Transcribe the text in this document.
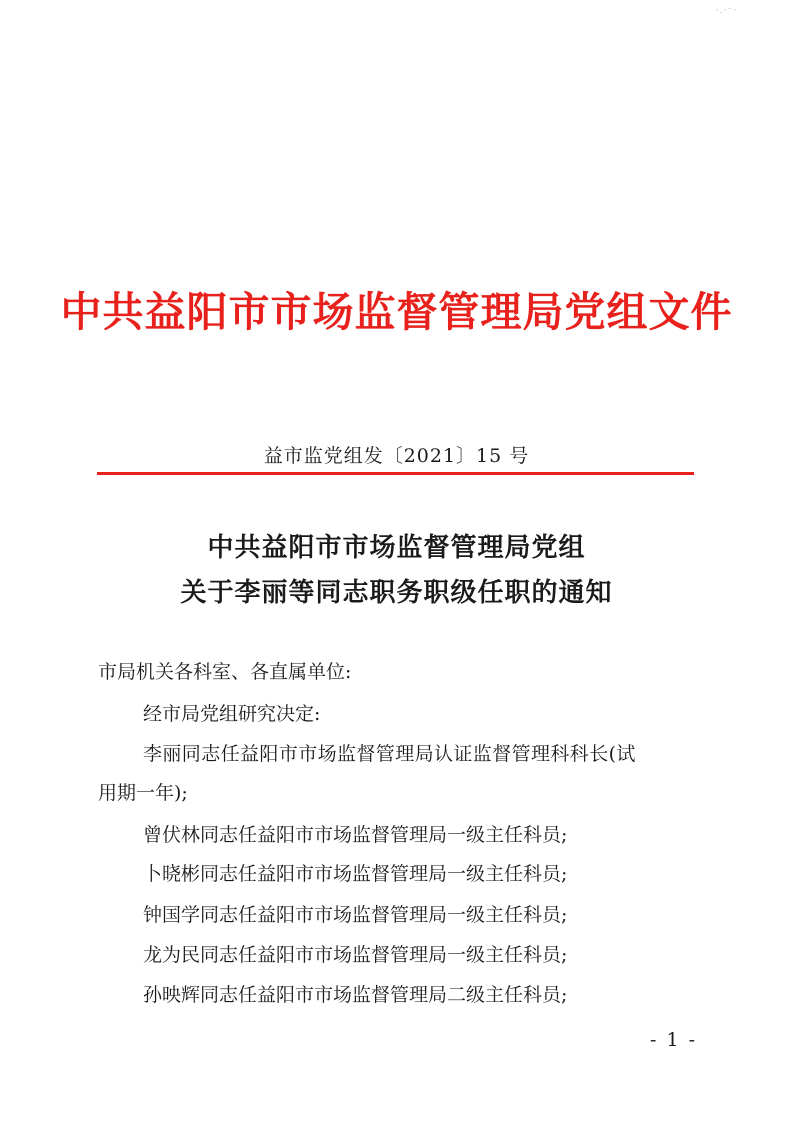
·.·⁻·
中共益阳市市场监督管理局党组文件
益市监党组发〔2021〕15 号
中共益阳市市场监督管理局党组
关于李丽等同志职务职级任职的通知
市局机关各科室、各直属单位:
经市局党组研究决定:
李丽同志任益阳市市场监督管理局认证监督管理科科长(试
用期一年);
曾伏林同志任益阳市市场监督管理局一级主任科员;
卜晓彬同志任益阳市市场监督管理局一级主任科员;
钟国学同志任益阳市市场监督管理局一级主任科员;
龙为民同志任益阳市市场监督管理局一级主任科员;
孙映辉同志任益阳市市场监督管理局二级主任科员;
- 1 -
